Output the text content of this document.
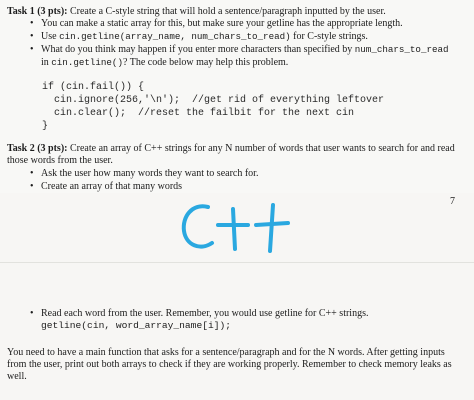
Task 1 (3 pts): Create a C-style string that will hold a sentence/paragraph inputted by the user.
• You can make a static array for this, but make sure your getline has the appropriate length.
• Use cin.getline(array_name, num_chars_to_read) for C-style strings.
• What do you think may happen if you enter more characters than specified by num_chars_to_read
in cin.getline()? The code below may help this problem.
if (cin.fail()) {
cin.ignore(256,'\n');  //get rid of everything leftover
cin.clear();  //reset the failbit for the next cin
}
Task 2 (3 pts): Create an array of C++ strings for any N number of words that user wants to search for and read
those words from the user.
• Ask the user how many words they want to search for.
• Create an array of that many words
7
• Read each word from the user. Remember, you would use getline for C++ strings.
getline(cin, word_array_name[i]);
You need to have a main function that asks for a sentence/paragraph and for the N words. After getting inputs
from the user, print out both arrays to check if they are working properly. Remember to check memory leaks as
well.
